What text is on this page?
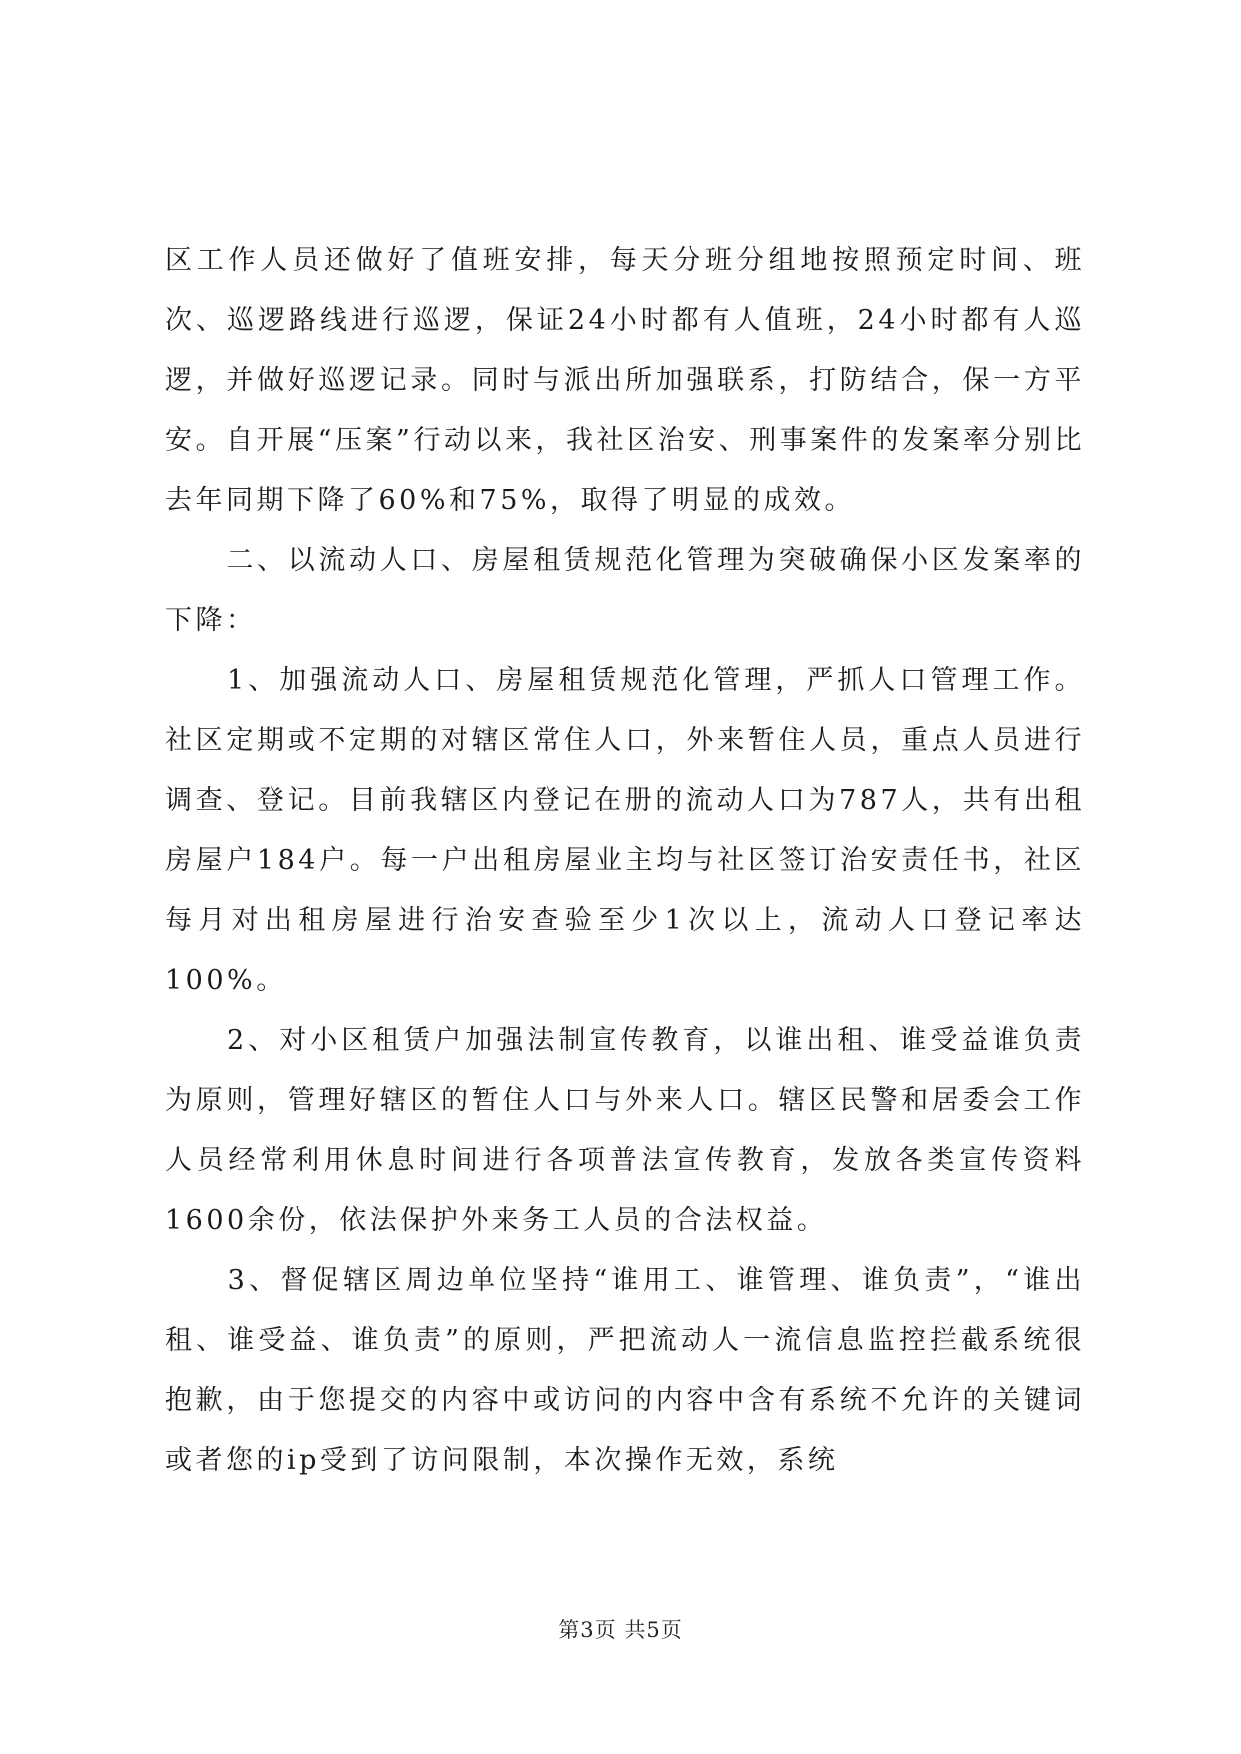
区工作人员还做好了值班安排，每天分班分组地按照预定时间、班次、巡逻路线进行巡逻，保证24小时都有人值班，24小时都有人巡逻，并做好巡逻记录。同时与派出所加强联系，打防结合，保一方平安。自开展“压案”行动以来，我社区治安、刑事案件的发案率分别比去年同期下降了60%和75%，取得了明显的成效。

　　二、以流动人口、房屋租赁规范化管理为突破确保小区发案率的下降：

　　1、加强流动人口、房屋租赁规范化管理，严抓人口管理工作。社区定期或不定期的对辖区常住人口，外来暂住人员，重点人员进行调查、登记。目前我辖区内登记在册的流动人口为787人，共有出租房屋户184户。每一户出租房屋业主均与社区签订治安责任书，社区每月对出租房屋进行治安查验至少1次以上，流动人口登记率达100%。

　　2、对小区租赁户加强法制宣传教育，以谁出租、谁受益谁负责为原则，管理好辖区的暂住人口与外来人口。辖区民警和居委会工作人员经常利用休息时间进行各项普法宣传教育，发放各类宣传资料1600余份，依法保护外来务工人员的合法权益。

　　3、督促辖区周边单位坚持“谁用工、谁管理、谁负责”，“谁出租、谁受益、谁负责”的原则，严把流动人一流信息监控拦截系统很抱歉，由于您提交的内容中或访问的内容中含有系统不允许的关键词或者您的ip受到了访问限制，本次操作无效，系统

第3页 共5页
